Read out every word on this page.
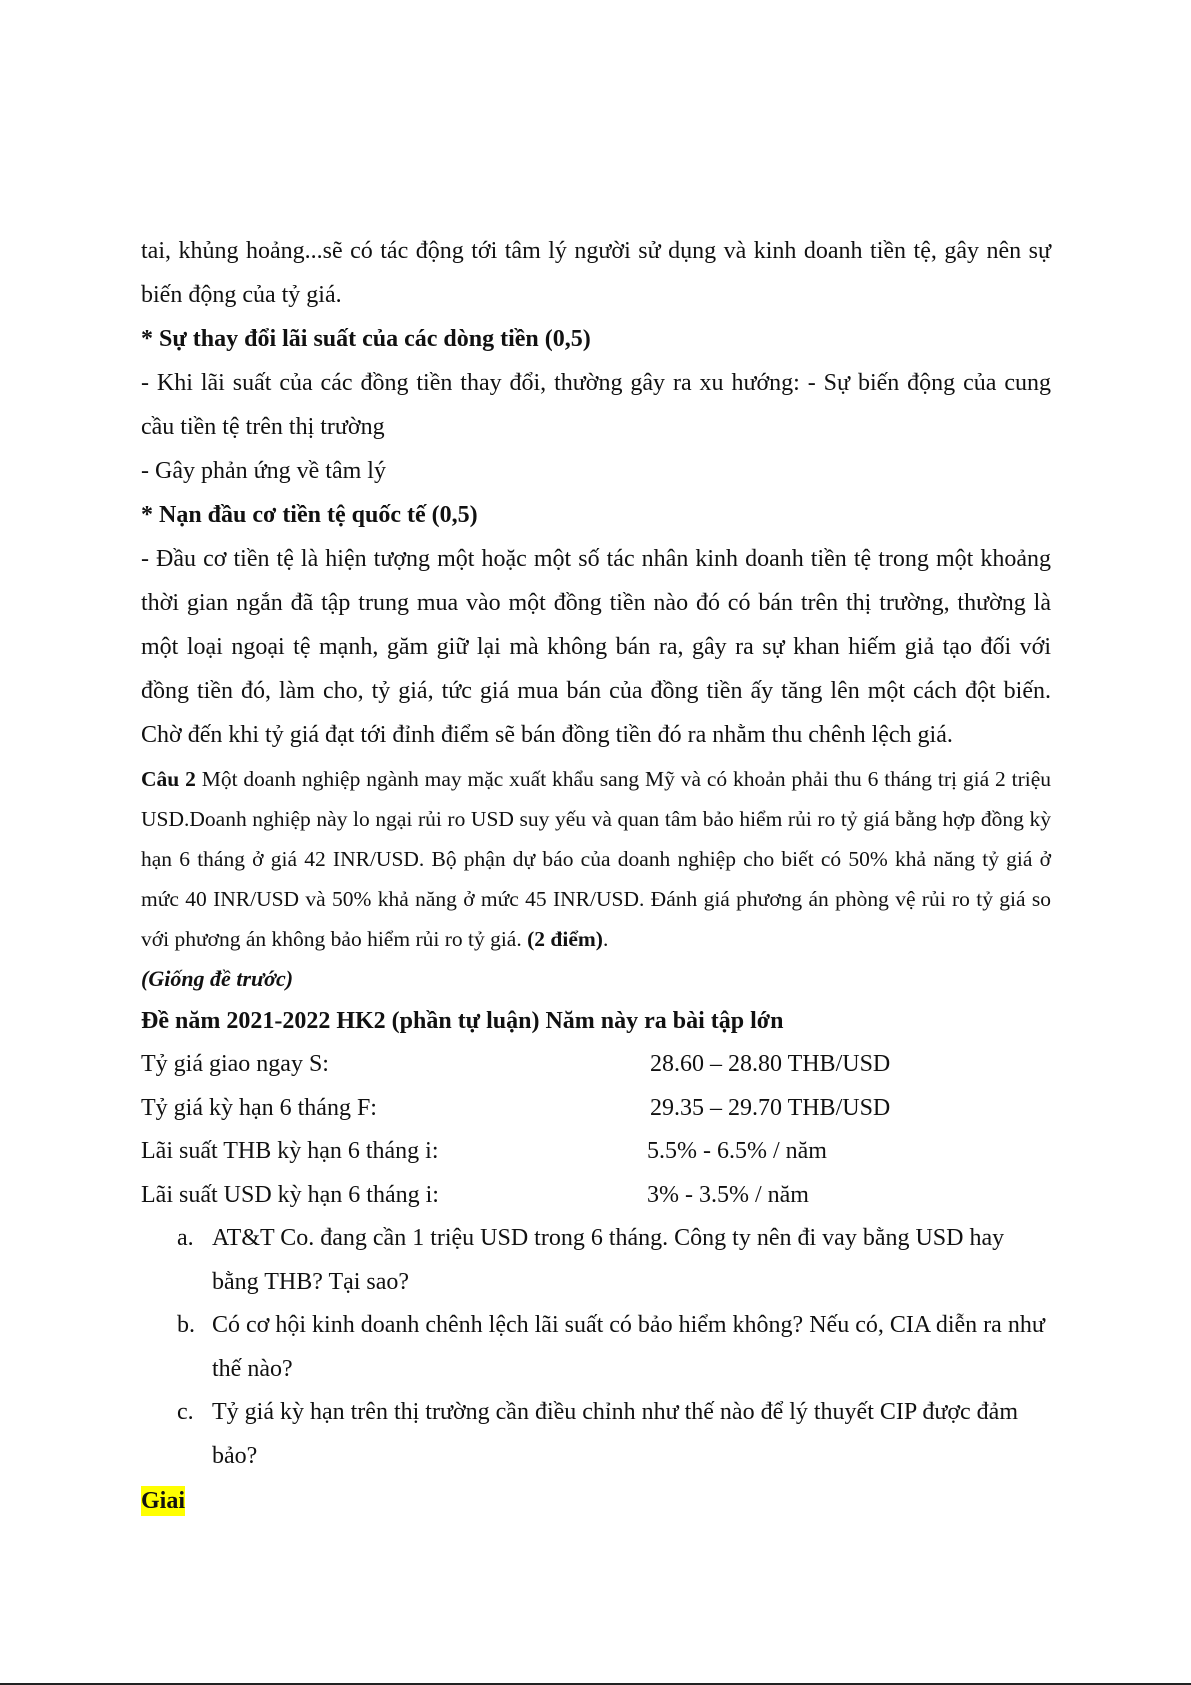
tai, khủng hoảng...sẽ có tác động tới tâm lý người sử dụng và kinh doanh tiền tệ, gây nên sự biến động của tỷ giá.

* Sự thay đổi lãi suất của các dòng tiền (0,5)

- Khi lãi suất của các đồng tiền thay đổi, thường gây ra xu hướng: - Sự biến động của cung cầu tiền tệ trên thị trường

- Gây phản ứng về tâm lý

* Nạn đầu cơ tiền tệ quốc tế (0,5)

- Đầu cơ tiền tệ là hiện tượng một hoặc một số tác nhân kinh doanh tiền tệ trong một khoảng thời gian ngắn đã tập trung mua vào một đồng tiền nào đó có bán trên thị trường, thường là một loại ngoại tệ mạnh, găm giữ lại mà không bán ra, gây ra sự khan hiếm giả tạo đối với đồng tiền đó, làm cho, tỷ giá, tức giá mua bán của đồng tiền ấy tăng lên một cách đột biến. Chờ đến khi tỷ giá đạt tới đỉnh điểm sẽ bán đồng tiền đó ra nhằm thu chênh lệch giá.

Câu 2 Một doanh nghiệp ngành may mặc xuất khẩu sang Mỹ và có khoản phải thu 6 tháng trị giá 2 triệu USD.Doanh nghiệp này lo ngại rủi ro USD suy yếu và quan tâm bảo hiểm rủi ro tỷ giá bằng hợp đồng kỳ hạn 6 tháng ở giá 42 INR/USD. Bộ phận dự báo của doanh nghiệp cho biết có 50% khả năng tỷ giá ở mức 40 INR/USD và 50% khả năng ở mức 45 INR/USD. Đánh giá phương án phòng vệ rủi ro tỷ giá so với phương án không bảo hiểm rủi ro tỷ giá. (2 điểm).

(Giống đề trước)

Đề năm 2021-2022 HK2 (phần tự luận) Năm này ra bài tập lớn

Tỷ giá giao ngay S:	28.60 – 28.80 THB/USD
Tỷ giá kỳ hạn 6 tháng F:	29.35 – 29.70 THB/USD
Lãi suất THB kỳ hạn 6 tháng i:	5.5% - 6.5% / năm
Lãi suất USD kỳ hạn 6 tháng i:	3% - 3.5% / năm
a. AT&T Co. đang cần 1 triệu USD trong 6 tháng. Công ty nên đi vay bằng USD hay bằng THB? Tại sao?
b. Có cơ hội kinh doanh chênh lệch lãi suất có bảo hiểm không? Nếu có, CIA diễn ra như thế nào?
c. Tỷ giá kỳ hạn trên thị trường cần điều chỉnh như thế nào để lý thuyết CIP được đảm bảo?
Giai
